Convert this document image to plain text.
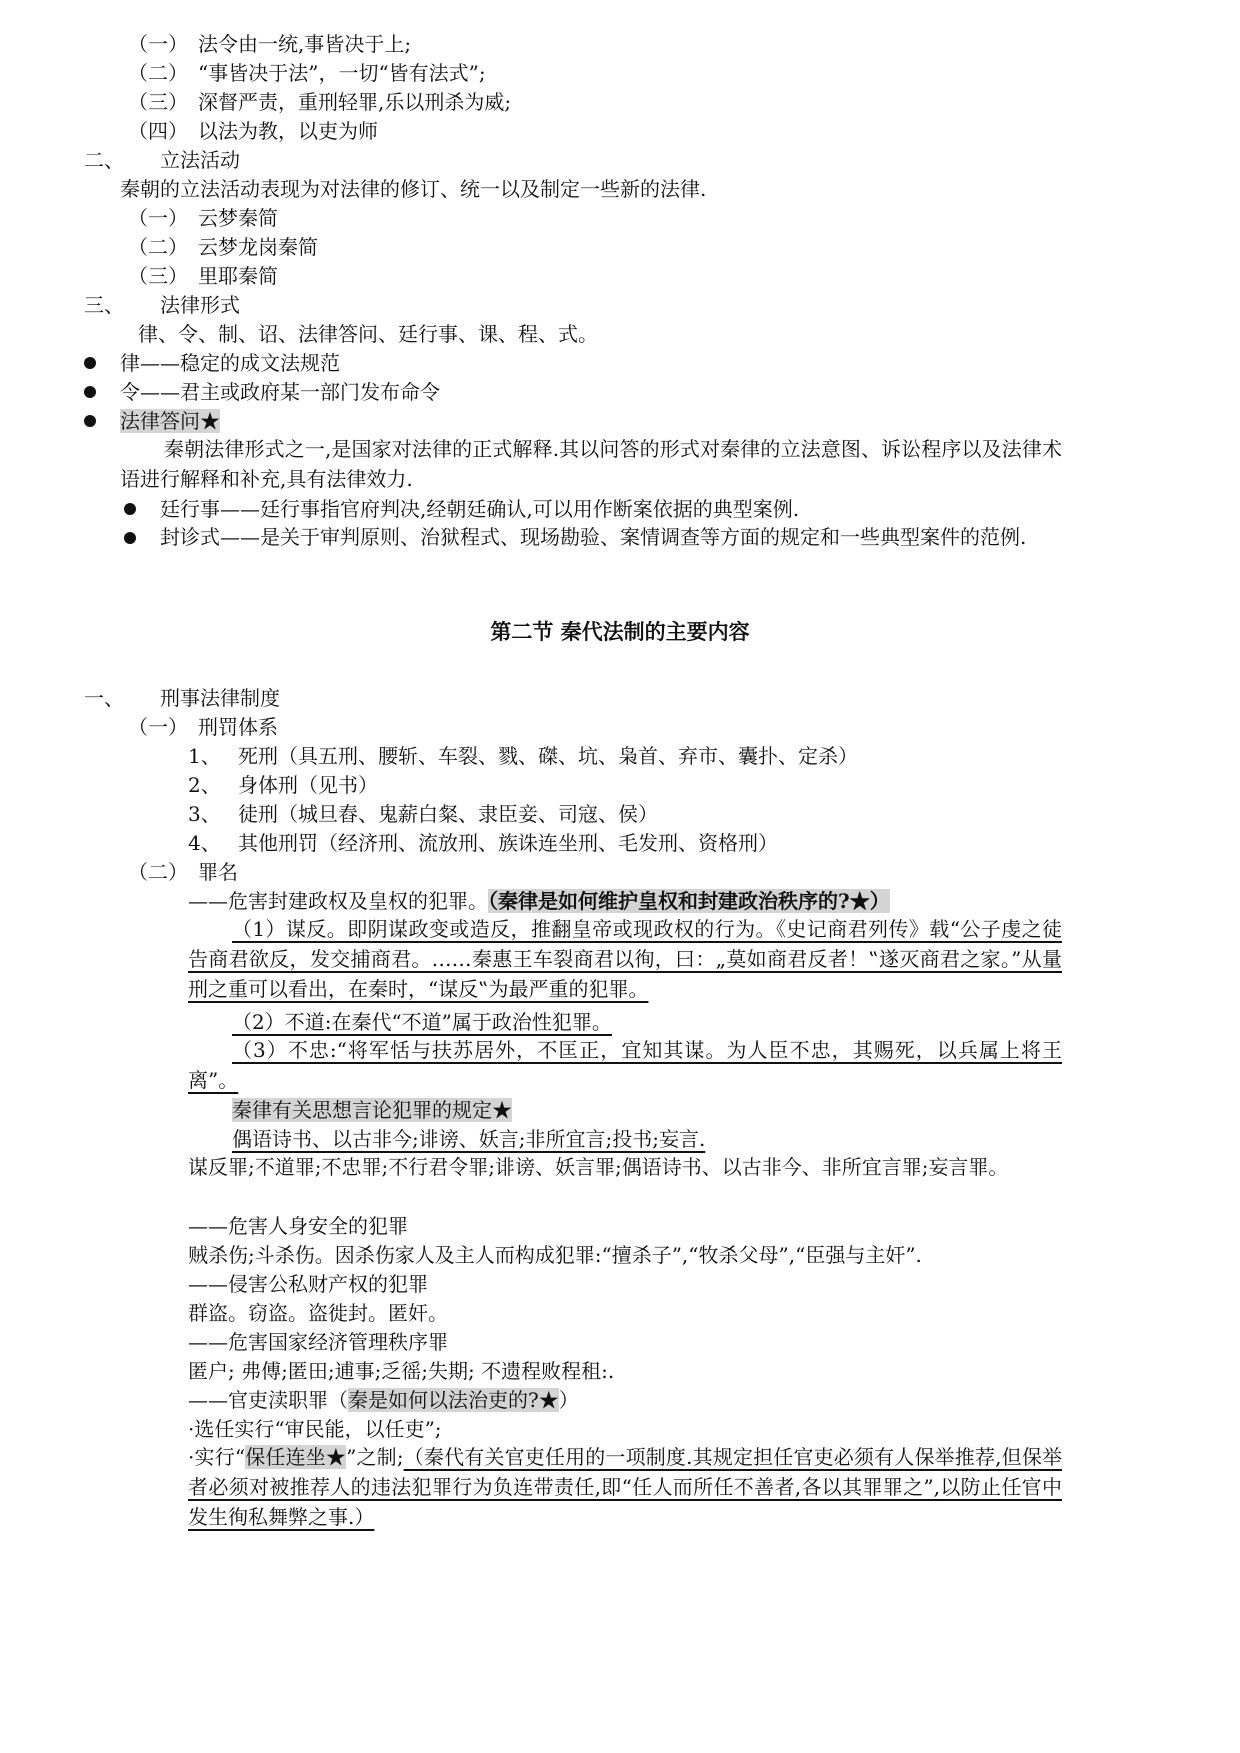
（一） 法令由一统,事皆决于上;
（二） “事皆决于法”，一切“皆有法式”;
（三） 深督严责，重刑轻罪,乐以刑杀为威;
（四） 以法为教，以吏为师
二、 立法活动
秦朝的立法活动表现为对法律的修订、统一以及制定一些新的法律.
（一） 云梦秦简
（二） 云梦龙岗秦简
（三） 里耶秦简
三、 法律形式
律、令、制、诏、法律答问、廷行事、课、程、式。
律——稳定的成文法规范
令——君主或政府某一部门发布命令
法律答问★
秦朝法律形式之一,是国家对法律的正式解释.其以问答的形式对秦律的立法意图、诉讼程序以及法律术语进行解释和补充,具有法律效力.
廷行事——廷行事指官府判决,经朝廷确认,可以用作断案依据的典型案例.
封诊式——是关于审判原则、治狱程式、现场勘验、案情调查等方面的规定和一些典型案件的范例.
第二节 秦代法制的主要内容
一、 刑事法律制度
（一） 刑罚体系
1、 死刑（具五刑、腰斩、车裂、戮、磔、坑、枭首、弃市、囊扑、定杀）
2、 身体刑（见书）
3、 徒刑（城旦舂、鬼薪白粲、隶臣妾、司寇、侯）
4、 其他刑罚（经济刑、流放刑、族诛连坐刑、毛发刑、资格刑）
（二） 罪名
——危害封建政权及皇权的犯罪。（秦律是如何维护皇权和封建政治秩序的?★）
（1）谋反。即阴谋政变或造反，推翻皇帝或现政权的行为。《史记商君列传》载“公子虔之徒告商君欲反，发交捕商君。……秦惠王车裂商君以徇，曰：„莫如商君反者！‟遂灭商君之家。”从量刑之重可以看出，在秦时，“谋反‟为最严重的犯罪。
（2）不道:在秦代“不道”属于政治性犯罪。
（3）不忠:“将军恬与扶苏居外，不匡正，宜知其谋。为人臣不忠，其赐死，以兵属上将王离”。
秦律有关思想言论犯罪的规定★
偶语诗书、以古非今;诽谤、妖言;非所宜言;投书;妄言.
谋反罪;不道罪;不忠罪;不行君令罪;诽谤、妖言罪;偶语诗书、以古非今、非所宜言罪;妄言罪。
——危害人身安全的犯罪
贼杀伤;斗杀伤。因杀伤家人及主人而构成犯罪:“擅杀子”,“牧杀父母”,“臣强与主奸”.
——侵害公私财产权的犯罪
群盗。窃盗。盗徙封。匿奸。
——危害国家经济管理秩序罪
匿户; 弗傅;匿田;逋事;乏徭;失期; 不遗程败程租:.
——官吏渎职罪（秦是如何以法治吏的?★）
·选任实行“审民能，以任吏”;
·实行“保任连坐★”之制;（秦代有关官吏任用的一项制度.其规定担任官吏必须有人保举推荐,但保举者必须对被推荐人的违法犯罪行为负连带责任,即“任人而所任不善者,各以其罪罪之”,以防止任官中发生徇私舞弊之事.）
